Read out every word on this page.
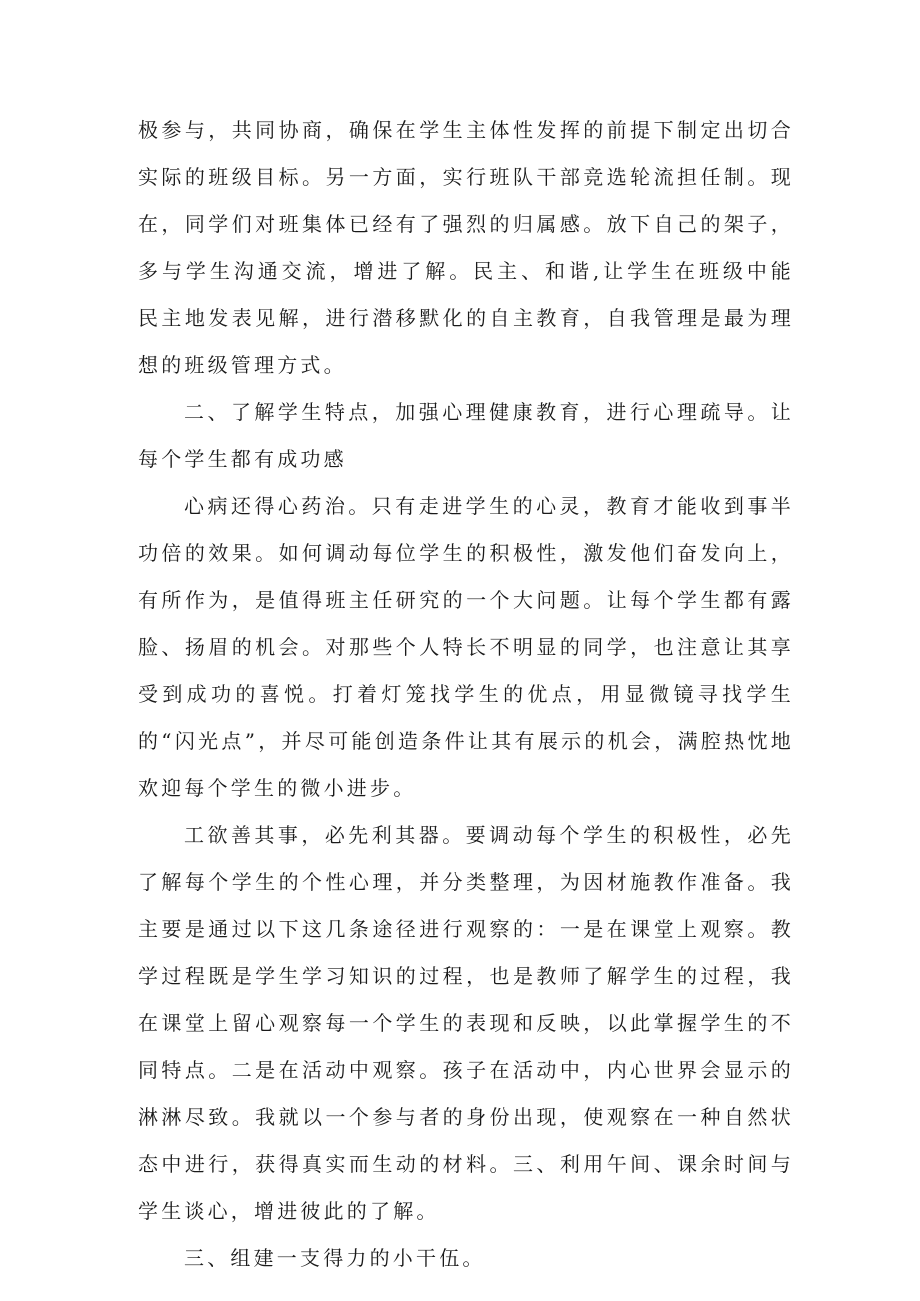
极参与，共同协商，确保在学生主体性发挥的前提下制定出切合实际的班级目标。另一方面，实行班队干部竞选轮流担任制。现在，同学们对班集体已经有了强烈的归属感。放下自己的架子，多与学生沟通交流，增进了解。民主、和谐,让学生在班级中能民主地发表见解，进行潜移默化的自主教育，自我管理是最为理想的班级管理方式。

二、了解学生特点，加强心理健康教育，进行心理疏导。让每个学生都有成功感

心病还得心药治。只有走进学生的心灵，教育才能收到事半功倍的效果。如何调动每位学生的积极性，激发他们奋发向上，有所作为，是值得班主任研究的一个大问题。让每个学生都有露脸、扬眉的机会。对那些个人特长不明显的同学，也注意让其享受到成功的喜悦。打着灯笼找学生的优点，用显微镜寻找学生的“闪光点”，并尽可能创造条件让其有展示的机会，满腔热忱地欢迎每个学生的微小进步。

工欲善其事，必先利其器。要调动每个学生的积极性，必先了解每个学生的个性心理，并分类整理，为因材施教作准备。我主要是通过以下这几条途径进行观察的：一是在课堂上观察。教学过程既是学生学习知识的过程，也是教师了解学生的过程，我在课堂上留心观察每一个学生的表现和反映，以此掌握学生的不同特点。二是在活动中观察。孩子在活动中，内心世界会显示的淋淋尽致。我就以一个参与者的身份出现，使观察在一种自然状态中进行，获得真实而生动的材料。三、利用午间、课余时间与学生谈心，增进彼此的了解。

三、组建一支得力的小干伍。
